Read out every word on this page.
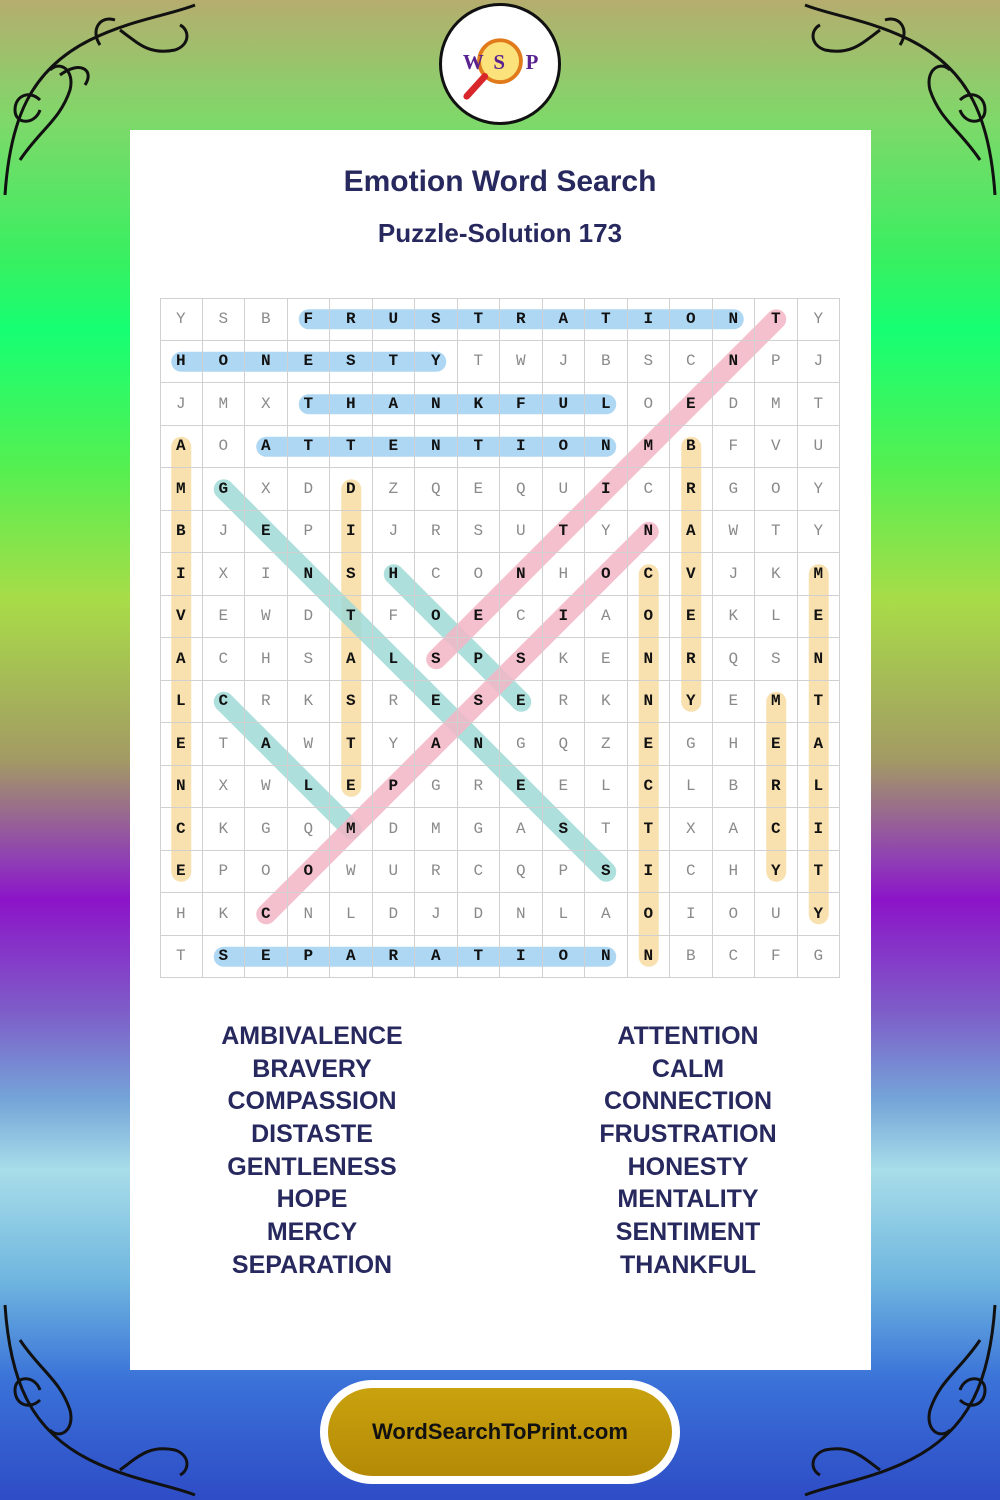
W S P
Emotion Word Search
Puzzle-Solution 173
Y	S	B	F	R	U	S	T	R	A	T	I	O	N	T	Y
H	O	N	E	S	T	Y	T	W	J	B	S	C	N	P	J
J	M	X	T	H	A	N	K	F	U	L	O	E	D	M	T
A	O	A	T	T	E	N	T	I	O	N	M	B	F	V	U
M	G	X	D	D	Z	Q	E	Q	U	I	C	R	G	O	Y
B	J	E	P	I	J	R	S	U	T	Y	N	A	W	T	Y
I	X	I	N	S	H	C	O	N	H	O	C	V	J	K	M
V	E	W	D	T	F	O	E	C	I	A	O	E	K	L	E
A	C	H	S	A	L	S	P	S	K	E	N	R	Q	S	N
L	C	R	K	S	R	E	S	E	R	K	N	Y	E	M	T
E	T	A	W	T	Y	A	N	G	Q	Z	E	G	H	E	A
N	X	W	L	E	P	G	R	E	E	L	C	L	B	R	L
C	K	G	Q	M	D	M	G	A	S	T	T	X	A	C	I
E	P	O	O	W	U	R	C	Q	P	S	I	C	H	Y	T
H	K	C	N	L	D	J	D	N	L	A	O	I	O	U	Y
T	S	E	P	A	R	A	T	I	O	N	N	B	C	F	G
AMBIVALENCE
BRAVERY
COMPASSION
DISTASTE
GENTLENESS
HOPE
MERCY
SEPARATION
ATTENTION
CALM
CONNECTION
FRUSTRATION
HONESTY
MENTALITY
SENTIMENT
THANKFUL
WordSearchToPrint.com
